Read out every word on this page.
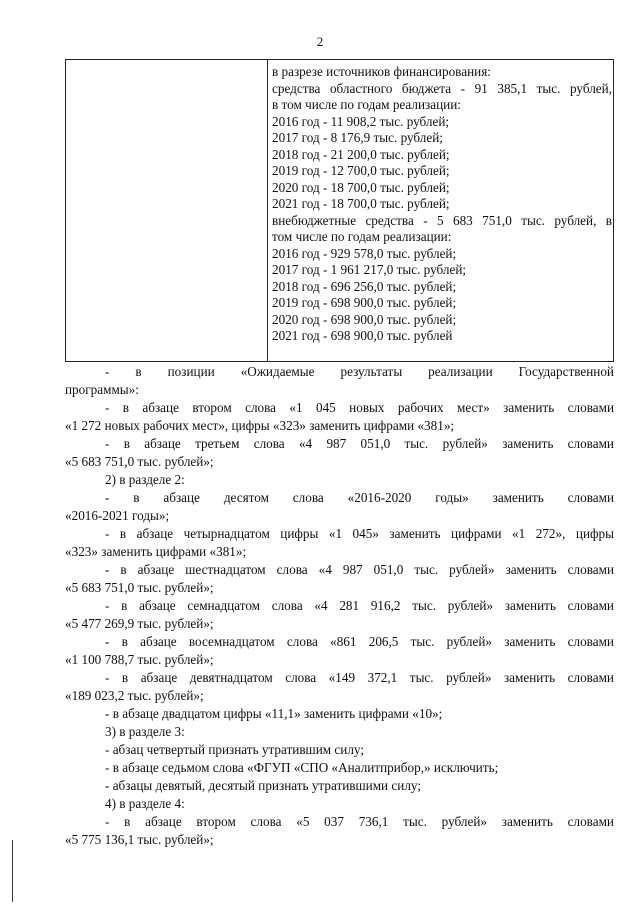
2
в разрезе источников финансирования:
средства областного бюджета - 91 385,1 тыс. рублей,
в том числе по годам реализации:
2016 год - 11 908,2 тыс. рублей;
2017 год - 8 176,9 тыс. рублей;
2018 год - 21 200,0 тыс. рублей;
2019 год - 12 700,0 тыс. рублей;
2020 год - 18 700,0 тыс. рублей;
2021 год - 18 700,0 тыс. рублей;
внебюджетные средства - 5 683 751,0 тыс. рублей, в
том числе по годам реализации:
2016 год - 929 578,0 тыс. рублей;
2017 год - 1 961 217,0 тыс. рублей;
2018 год - 696 256,0 тыс. рублей;
2019 год - 698 900,0 тыс. рублей;
2020 год - 698 900,0 тыс. рублей;
2021 год - 698 900,0 тыс. рублей
- в позиции «Ожидаемые результаты реализации Государственной
программы»:
- в абзаце втором слова «1 045 новых рабочих мест» заменить словами
«1 272 новых рабочих мест», цифры «323» заменить цифрами «381»;
- в абзаце третьем слова «4 987 051,0 тыс. рублей» заменить словами
«5 683 751,0 тыс. рублей»;
2) в разделе 2:
- в абзаце десятом слова «2016-2020 годы» заменить словами
«2016-2021 годы»;
- в абзаце четырнадцатом цифры «1 045» заменить цифрами «1 272», цифры
«323» заменить цифрами «381»;
- в абзаце шестнадцатом слова «4 987 051,0 тыс. рублей» заменить словами
«5 683 751,0 тыс. рублей»;
- в абзаце семнадцатом слова «4 281 916,2 тыс. рублей» заменить словами
«5 477 269,9 тыс. рублей»;
- в абзаце восемнадцатом слова «861 206,5 тыс. рублей» заменить словами
«1 100 788,7 тыс. рублей»;
- в абзаце девятнадцатом слова «149 372,1 тыс. рублей» заменить словами
«189 023,2 тыс. рублей»;
- в абзаце двадцатом цифры «11,1» заменить цифрами «10»;
3) в разделе 3:
- абзац четвертый признать утратившим силу;
- в абзаце седьмом слова «ФГУП «СПО «Аналитприбор,» исключить;
- абзацы девятый, десятый признать утратившими силу;
4) в разделе 4:
- в абзаце втором слова «5 037 736,1 тыс. рублей» заменить словами
«5 775 136,1 тыс. рублей»;
